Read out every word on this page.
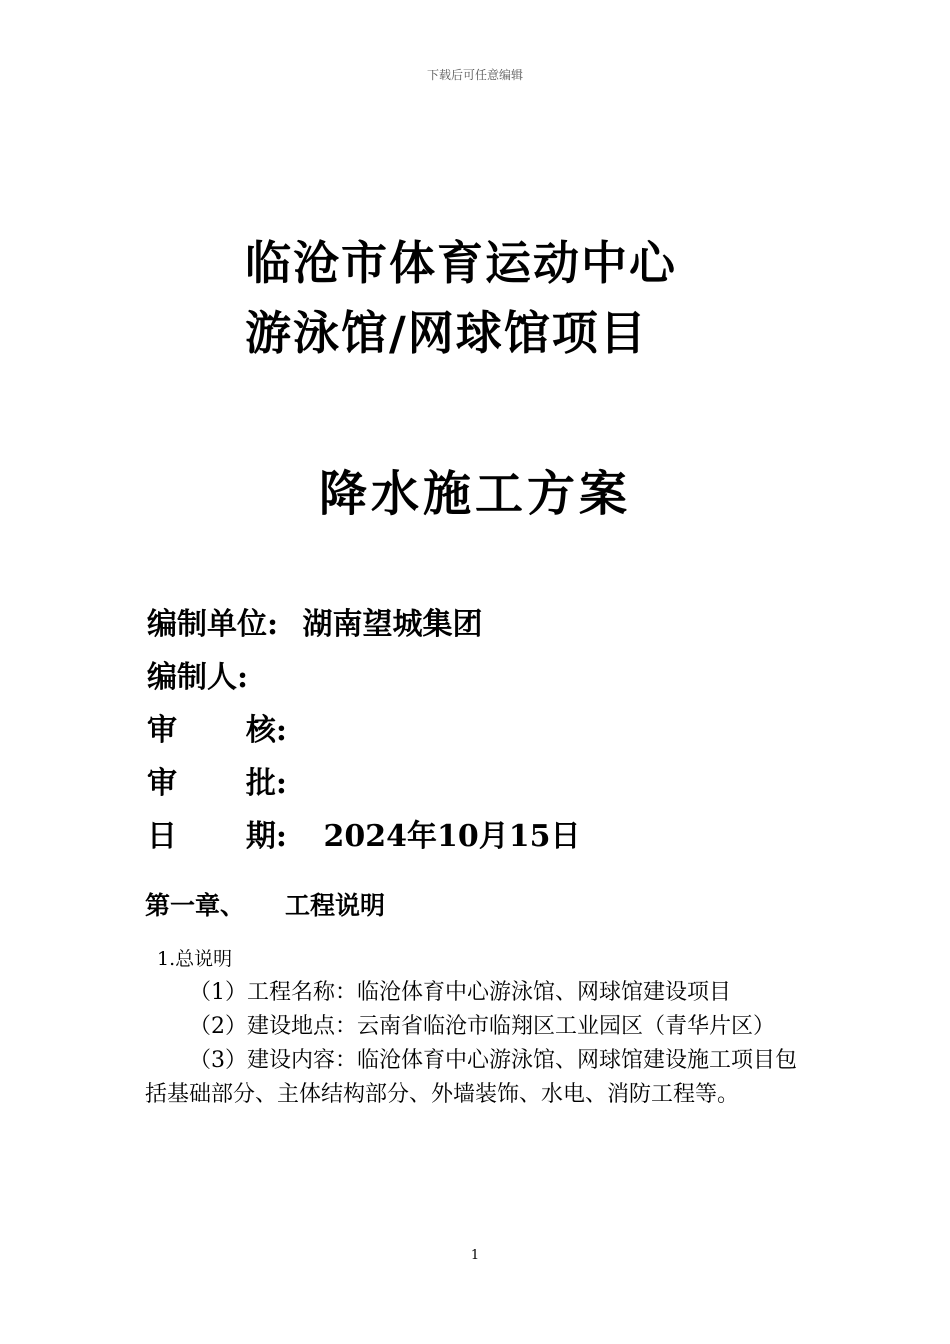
下载后可任意编辑
临沧市体育运动中心
游泳馆/网球馆项目
降水施工方案
编制单位: 湖南望城集团
编制人:
审 核:
审 批:
日 期: 2024年10月15日
第一章、 工程说明

1.总说明

（1）工程名称：临沧体育中心游泳馆、网球馆建设项目

（2）建设地点：云南省临沧市临翔区工业园区（青华片区）

（3）建设内容：临沧体育中心游泳馆、网球馆建设施工项目包括基础部分、主体结构部分、外墙装饰、水电、消防工程等。

1
